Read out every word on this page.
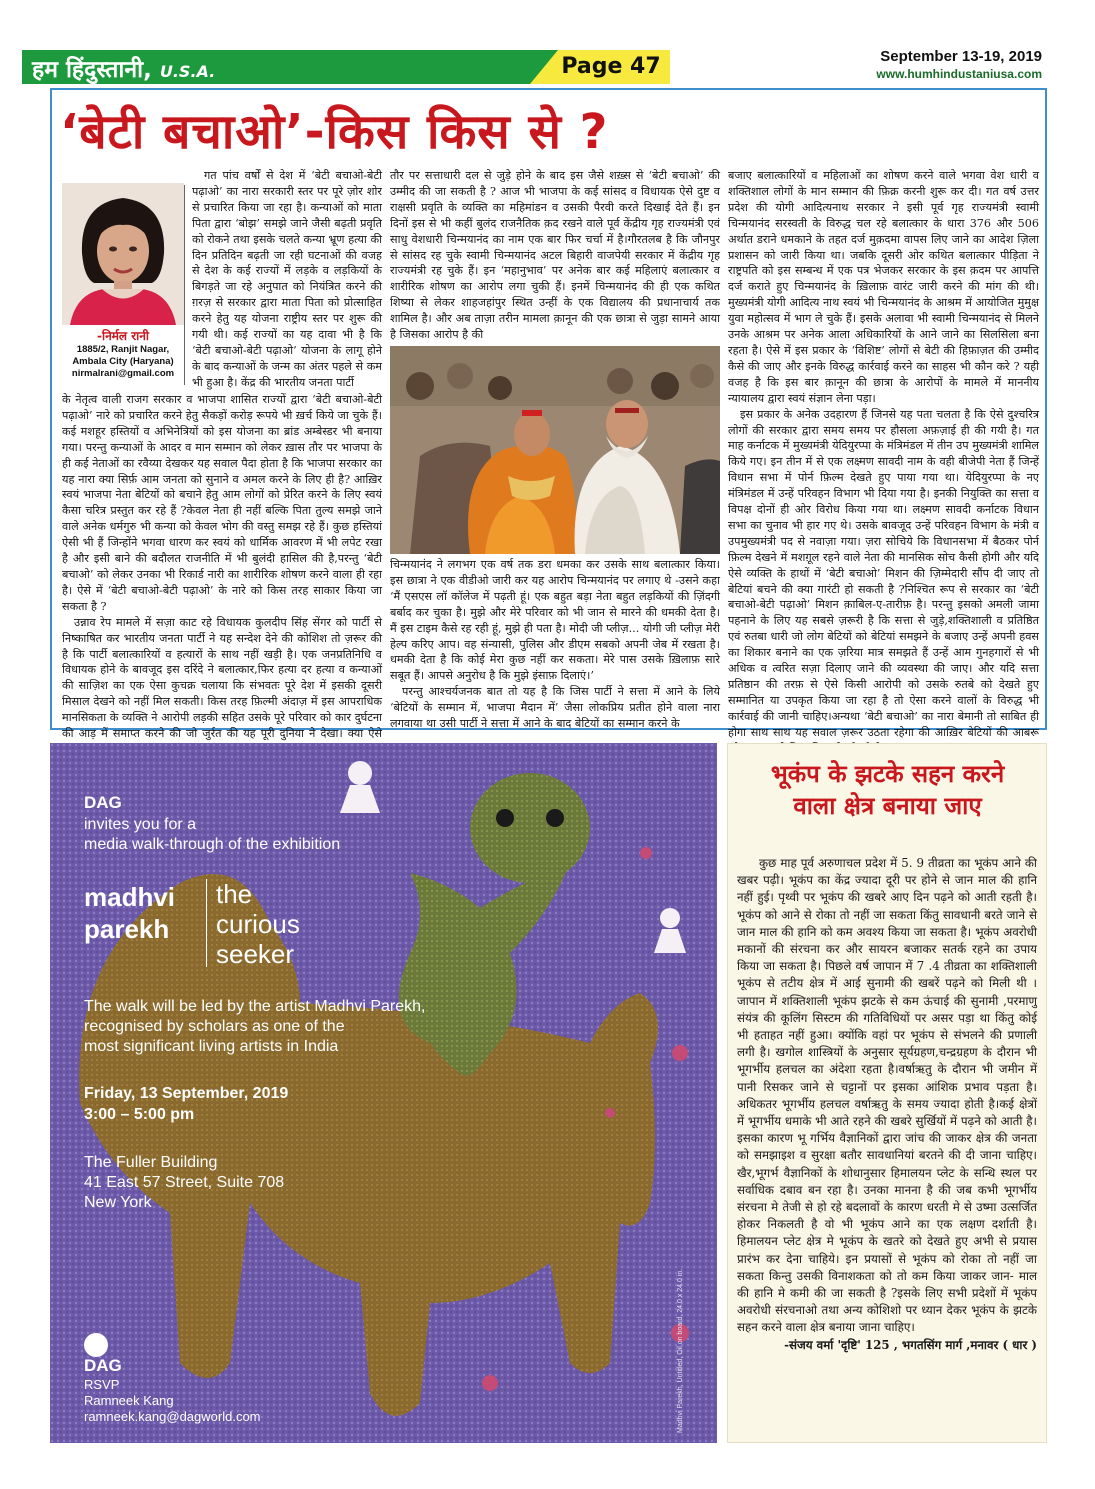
हम हिंदुस्तानी, U.S.A.	Page 47	September 13-19, 2019
www.humhindustaniusa.com
‘बेटी बचाओ’-किस किस से ?
-निर्मल रानी
1885/2, Ranjit Nagar,
Ambala City (Haryana)
nirmalrani@gmail.com

गत पांच वर्षों से देश में ‘बेटी बचाओ-बेटी पढ़ाओ’ का नारा सरकारी स्तर पर पूरे ज़ोर शोर से प्रचारित किया जा रहा है। कन्याओं को माता पिता द्वारा ‘बोझ’ समझे जाने जैसी बढ़ती प्रवृति को रोकने तथा इसके चलते कन्या भ्रूण हत्या की दिन प्रतिदिन बढ़ती जा रही घटनाओं की वजह से देश के कई राज्यों में लड़के व लड़कियों के बिगड़ते जा रहे अनुपात को नियंत्रित करने की ग़रज़ से सरकार द्वारा माता पिता को प्रोत्साहित करने हेतु यह योजना राष्ट्रीय स्तर पर शुरू की गयी थी। कई राज्यों का यह दावा भी है कि ‘बेटी बचाओ-बेटी पढ़ाओ’ योजना के लागू होने के बाद कन्याओं के जन्म का अंतर पहले से कम भी हुआ है। केंद्र की भारतीय जनता पार्टी

के नेतृत्व वाली राजग सरकार व भाजपा शासित राज्यों द्वारा ‘बेटी बचाओ-बेटी पढ़ाओ’ नारे को प्रचारित करने हेतु सैकड़ों करोड़ रूपये भी ख़र्च किये जा चुके हैं। कई मशहूर हस्तियों व अभिनेत्रियों को इस योजना का ब्रांड अम्बेस्डर भी बनाया गया। परन्तु कन्याओं के आदर व मान सम्मान को लेकर ख़ास तौर पर भाजपा के ही कई नेताओं का रवैय्या देखकर यह सवाल पैदा होता है कि भाजपा सरकार का यह नारा क्या सिर्फ़ आम जनता को सुनाने व अमल करने के लिए ही है? आख़िर स्वयं भाजपा नेता बेटियों को बचाने हेतु आम लोगों को प्रेरित करने के लिए स्वयं कैसा चरित्र प्रस्तुत कर रहे हैं ?केवल नेता ही नहीं बल्कि पिता तुल्य समझे जाने वाले अनेक धर्मगुरु भी कन्या को केवल भोग की वस्तु समझ रहे हैं। कुछ हस्तियां ऐसी भी हैं जिन्होंने भगवा धारण कर स्वयं को धार्मिक आवरण में भी लपेट रखा है और इसी बाने की बदौलत राजनीति में भी बुलंदी हासिल की है,परन्तु ‘बेटी बचाओ’ को लेकर उनका भी रिकार्ड नारी का शारीरिक शोषण करने वाला ही रहा है। ऐसे में ‘बेटी बचाओ-बेटी पढ़ाओ’ के नारे को किस तरह साकार किया जा सकता है ?

उन्नाव रेप मामले में सज़ा काट रहे विधायक कुलदीप सिंह सेंगर को पार्टी से निष्काषित कर भारतीय जनता पार्टी ने यह सन्देश देने की कोशिश तो ज़रूर की है कि पार्टी बलात्कारियों व हत्यारों के साथ नहीं खड़ी है। एक जनप्रतिनिधि व विधायक होने के बावजूद इस दरिंदे ने बलात्कार,फिर हत्या दर हत्या व कन्याओं की साज़िश का एक ऐसा कुचक्र चलाया कि संभवतः पूरे देश में इसकी दूसरी मिसाल देखने को नहीं मिल सकती। किस तरह फ़िल्मी अंदाज़ में इस आपराधिक मानसिकता के व्यक्ति ने आरोपी लड़की सहित उसके पूरे परिवार को कार दुर्घटना की आड़ में समाप्त करने की जो जुर्रत की यह पूरी दुनिया ने देखा। क्या ऐसे

तौर पर सत्ताधारी दल से जुड़े होने के बाद इस जैसे शख़्स से ‘बेटी बचाओ’ की उम्मीद की जा सकती है ? आज भी भाजपा के कई सांसद व विधायक ऐसे दुष्ट व राक्षसी प्रवृति के व्यक्ति का महिमांडन व उसकी पैरवी करते दिखाई देते हैं। इन दिनों इस से भी कहीं बुलंद राजनैतिक क़द रखने वाले पूर्व केंद्रीय गृह राज्यमंत्री एवं साधु वेशधारी चिन्मयानंद का नाम एक बार फिर चर्चा में है।गौरतलब है कि जौनपुर से सांसद रह चुके स्वामी चिन्मयानंद अटल बिहारी वाजपेयी सरकार में केंद्रीय गृह राज्यमंत्री रह चुके हैं। इन ‘महानुभाव’ पर अनेक बार कई महिलाएं बलात्कार व शारीरिक शोषण का आरोप लगा चुकी हैं। इनमें चिन्मयानंद की ही एक कथित शिष्या से लेकर शाहजहांपुर स्थित उन्हीं के एक विद्यालय की प्रधानाचार्य तक शामिल है। और अब ताज़ा तरीन मामला क़ानून की एक छात्रा से जुड़ा सामने आया है जिसका आरोप है की

चिन्मयानंद ने लगभग एक वर्ष तक डरा धमका कर उसके साथ बलात्कार किया। इस छात्रा ने एक वीडीओ जारी कर यह आरोप चिन्मयानंद पर लगाए थे -उसने कहा ‘मैं एसएस लॉ कॉलेज में पढ़ती हूं। एक बहुत बड़ा नेता बहुत लड़कियों की ज़िंदगी बर्बाद कर चुका है। मुझे और मेरे परिवार को भी जान से मारने की धमकी देता है। मैं इस टाइम कैसे रह रही हूं, मुझे ही पता है। मोदी जी प्लीज़... योगी जी प्लीज़ मेरी हेल्प करिए आप। वह संन्यासी, पुलिस और डीएम सबको अपनी जेब में रखता है। धमकी देता है कि कोई मेरा कुछ नहीं कर सकता। मेरे पास उसके ख़िलाफ़ सारे सबूत हैं। आपसे अनुरोध है कि मुझे इंसाफ़ दिलाएं।’

परन्तु आश्चर्यजनक बात तो यह है कि जिस पार्टी ने सत्ता में आने के लिये ‘बेटियों के सम्मान में, भाजपा मैदान में’ जैसा लोकप्रिय प्रतीत होने वाला नारा लगवाया था उसी पार्टी ने सत्ता में आने के बाद बेटियों का सम्मान करने के

बजाए बलात्कारियों व महिलाओं का शोषण करने वाले भगवा वेश धारी व शक्तिशाल लोगों के मान सम्मान की फ़िक्र करनी शुरू कर दी। गत वर्ष उत्तर प्रदेश की योगी आदित्यनाथ सरकार ने इसी पूर्व गृह राज्यमंत्री स्वामी चिन्मयानंद सरस्वती के विरुद्ध चल रहे बलात्कार के धारा 376 और 506 अर्थात डराने धमकाने के तहत दर्ज मुक़दमा वापस लिए जाने का आदेश ज़िला प्रशासन को जारी किया था। जबकि दूसरी ओर कथित बलात्कार पीड़िता ने राष्ट्रपति को इस सम्बन्ध में एक पत्र भेजकर सरकार के इस क़दम पर आपत्ति दर्ज कराते हुए चिन्मयानंद के ख़िलाफ़ वारंट जारी करने की मांग की थी। मुख्यमंत्री योगी आदित्य नाथ स्वयं भी चिन्मयानंद के आश्रम में आयोजित मुमुक्ष युवा महोत्सव में भाग ले चुके हैं। इसके अलावा भी स्वामी चिन्मयानंद से मिलने उनके आश्रम पर अनेक आला अधिकारियों के आने जाने का सिलसिला बना रहता है। ऐसे में इस प्रकार के ‘विशिष्ट’ लोगों से बेटी की हिफ़ाज़त की उम्मीद कैसे की जाए और इनके विरुद्ध कार्रवाई करने का साहस भी कौन करे ? यही वजह है कि इस बार क़ानून की छात्रा के आरोपों के मामले में माननीय न्यायालय द्वारा स्वयं संज्ञान लेना पड़ा।

इस प्रकार के अनेक उदहारण हैं जिनसे यह पता चलता है कि ऐसे दुश्चरित्र लोगों की सरकार द्वारा समय समय पर हौसला अफ़ज़ाई ही की गयी है। गत माह कर्नाटक में मुख्यमंत्री येदियुरप्पा के मंत्रिमंडल में तीन उप मुख्यमंत्री शामिल किये गए। इन तीन में से एक लक्ष्मण सावदी नाम के वही बीजेपी नेता हैं जिन्हें विधान सभा में पोर्न फ़िल्म देखते हुए पाया गया था। येदियुरप्पा के नए मंत्रिमंडल में उन्हें परिवहन विभाग भी दिया गया है। इनकी नियुक्ति का सत्ता व विपक्ष दोनों ही ओर विरोध किया गया था। लक्ष्मण सावदी कर्नाटक विधान सभा का चुनाव भी हार गए थे। उसके बावजूद उन्हें परिवहन विभाग के मंत्री व उपमुख्यमंत्री पद से नवाज़ा गया। ज़रा सोचिये कि विधानसभा में बैठकर पोर्न फ़िल्म देखने में मशग़ूल रहने वाले नेता की मानसिक सोच कैसी होगी और यदि ऐसे व्यक्ति के हाथों में ‘बेटी बचाओ’ मिशन की ज़िम्मेदारी सौंप दी जाए तो बेटियां बचने की क्या गारंटी हो सकती है ?निश्चित रूप से सरकार का ‘बेटी बचाओ-बेटी पढ़ाओ’ मिशन क़ाबिल-ए-तारीफ़ है। परन्तु इसको अमली जामा पहनाने के लिए यह सबसे ज़रूरी है कि सत्ता से जुड़े,शक्तिशाली व प्रतिष्ठित एवं रुतबा धारी जो लोग बेटियों को बेटियां समझने के बजाए उन्हें अपनी हवस का शिकार बनाने का एक ज़रिया मात्र समझते हैं उन्हें आम गुनहगारों से भी अधिक व त्वरित सज़ा दिलाए जाने की व्यवस्था की जाए। और यदि सत्ता प्रतिष्ठान की तरफ़ से ऐसे किसी आरोपी को उसके रुतबे को देखते हुए सम्मानित या उपकृत किया जा रहा है तो ऐसा करने वालों के विरुद्ध भी कार्रवाई की जानी चाहिए।अन्यथा ‘बेटी बचाओ’ का नारा बेमानी तो साबित ही होगा साथ साथ यह सवाल ज़रूर उठता रहेगा की आख़िर बेटियों की आबरू

DAG
invites you for a
media walk-through of the exhibition
madhvi
parekh
the
curious
seeker
The walk will be led by the artist Madhvi Parekh,
recognised by scholars as one of the
most significant living artists in India
Friday, 13 September, 2019
3:00 – 5:00 pm
The Fuller Building
41 East 57 Street, Suite 708
New York
DAG
RSVP
Ramneek Kang
ramneek.kang@dagworld.com	Madhvi Parekh, Untitled, Oil on board, 24.0 x 24.0 in.
भूकंप के झटके सहन करने
वाला क्षेत्र बनाया जाए

कुछ माह पूर्व अरुणाचल प्रदेश में 5. 9 तीव्रता का भूकंप आने की खबर पढ़ी। भूकंप का केंद्र ज्यादा दूरी पर होने से जान माल की हानि नहीं हुई। पृथ्वी पर भूकंप की खबरे आए दिन पढ़ने को आती रहती है। भूकंप को आने से रोका तो नहीं जा सकता किंतु सावधानी बरते जाने से जान माल की हानि को कम अवश्य किया जा सकता है। भूकंप अवरोधी मकानों की संरचना कर और सायरन बजाकर सतर्क रहने का उपाय किया जा सकता है। पिछले वर्ष जापान में 7 .4 तीव्रता का शक्तिशाली भूकंप से तटीय क्षेत्र में आई सुनामी की खबरें पढ़ने को मिली थी ।जापान में शक्तिशाली भूकंप झटके से कम ऊंचाई की सुनामी ,परमाणु संयंत्र की कूलिंग सिस्टम की गतिविधियों पर असर पड़ा था किंतु कोई भी हताहत नहीं हुआ। क्योंकि वहां पर भूकंप से संभलने की प्रणाली लगी है। खगोल शास्त्रियों के अनुसार सूर्यग्रहण,चन्द्रग्रहण के दौरान भी भूगर्भीय हलचल का अंदेशा रहता है।वर्षाऋतु के दौरान भी जमीन में पानी रिसकर जाने से चट्टानों पर इसका आंशिक प्रभाव पड़ता है।अधिकतर भूगर्भीय हलचल वर्षाऋतु के समय ज्यादा होती है।कई क्षेत्रों में भूगर्भीय धमाके भी आते रहने की खबरे सुर्खियों में पढ़ने को आती है। इसका कारण भू गर्भिय वैज्ञानिकों द्वारा जांच की जाकर क्षेत्र की जनता को समझाइश व सुरक्षा बतौर सावधानियां बरतने की दी जाना चाहिए। खैर,भूगर्भ वैज्ञानिकों के शोधानुसार हिमालयन प्लेट के सन्धि स्थल पर सर्वाधिक दबाव बन रहा है। उनका मानना है की जब कभी भूगर्भीय संरचना मे तेजी से हो रहे बदलावों के कारण धरती मे से उष्मा उत्सर्जित होकर निकलती है वो भी भूकंप आने का एक लक्षण दर्शाती है। हिमालयन प्लेट क्षेत्र मे भूकंप के खतरे को देखते हुए अभी से प्रयास प्रारंभ कर देना चाहिये। इन प्रयासों से भूकंप को रोका तो नहीं जा सकता किन्तु उसकी विनाशकता को तो कम किया जाकर जान- माल की हानि मे कमी की जा सकती है ?इसके लिए सभी प्रदेशों में भूकंप अवरोधी संरचनाओ तथा अन्य कोशिशो पर ध्यान देकर भूकंप के झटके सहन करने वाला क्षेत्र बनाया जाना चाहिए।

-संजय वर्मा 'दृष्टि' 125 , भगतसिंग मार्ग ,मनावर ( धार )
